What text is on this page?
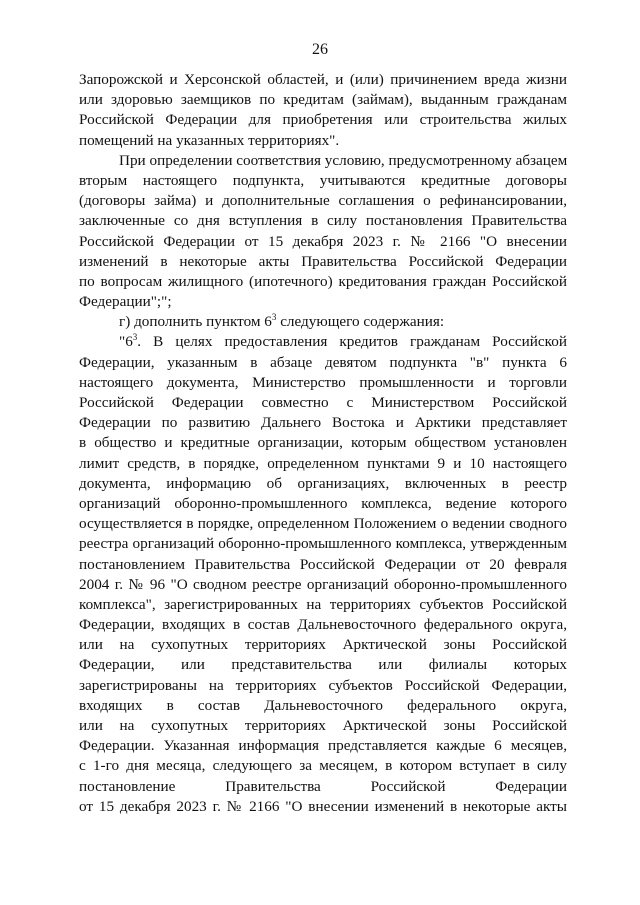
26
Запорожской и Херсонской областей, и (или) причинением вреда жизни
или здоровью заемщиков по кредитам (займам), выданным гражданам
Российской Федерации для приобретения или строительства жилых
помещений на указанных территориях".
При определении соответствия условию, предусмотренному абзацем
вторым настоящего подпункта, учитываются кредитные договоры
(договоры займа) и дополнительные соглашения о рефинансировании,
заключенные со дня вступления в силу постановления Правительства
Российской Федерации от 15 декабря 2023 г. № 2166 "О внесении
изменений в некоторые акты Правительства Российской Федерации
по вопросам жилищного (ипотечного) кредитования граждан Российской
Федерации";";
г) дополнить пунктом $6^3$ следующего содержания:
"$6^3$. В целях предоставления кредитов гражданам Российской
Федерации, указанным в абзаце девятом подпункта "в" пункта 6
настоящего документа, Министерство промышленности и торговли
Российской Федерации совместно с Министерством Российской
Федерации по развитию Дальнего Востока и Арктики представляет
в общество и кредитные организации, которым обществом установлен
лимит средств, в порядке, определенном пунктами 9 и 10 настоящего
документа, информацию об организациях, включенных в реестр
организаций оборонно-промышленного комплекса, ведение которого
осуществляется в порядке, определенном Положением о ведении сводного
реестра организаций оборонно-промышленного комплекса, утвержденным
постановлением Правительства Российской Федерации от 20 февраля
2004 г. № 96 "О сводном реестре организаций оборонно-промышленного
комплекса", зарегистрированных на территориях субъектов Российской
Федерации, входящих в состав Дальневосточного федерального округа,
или на сухопутных территориях Арктической зоны Российской
Федерации, или представительства или филиалы которых
зарегистрированы на территориях субъектов Российской Федерации,
входящих в состав Дальневосточного федерального округа,
или на сухопутных территориях Арктической зоны Российской
Федерации. Указанная информация представляется каждые 6 месяцев,
с 1-го дня месяца, следующего за месяцем, в котором вступает в силу
постановление Правительства Российской Федерации
от 15 декабря 2023 г. № 2166 "О внесении изменений в некоторые акты
